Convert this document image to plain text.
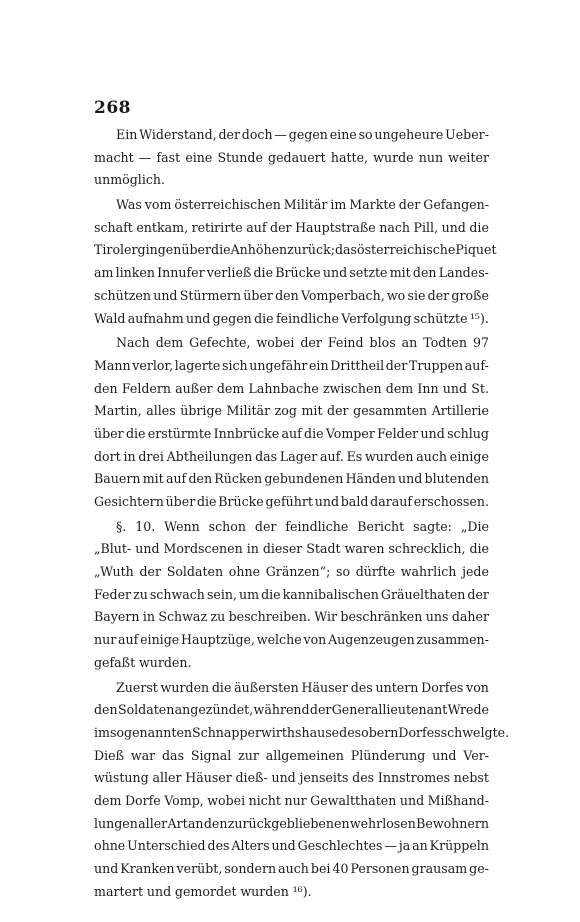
268
Ein Widerstand, der doch — gegen eine so ungeheure Ueber-
macht — fast eine Stunde gedauert hatte, wurde nun weiter
unmöglich.
Was vom österreichischen Militär im Markte der Gefangen-
schaft entkam, retirirte auf der Hauptstraße nach Pill, und die
Tiroler gingen über die Anhöhen zurück; das österreichische Piquet
am linken Innufer verließ die Brücke und setzte mit den Landes-
schützen und Stürmern über den Vomperbach, wo sie der große
Wald aufnahm und gegen die feindliche Verfolgung schützte ¹⁵).
Nach dem Gefechte, wobei der Feind blos an Todten 97
Mann verlor, lagerte sich ungefähr ein Drittheil der Truppen auf-
den Feldern außer dem Lahnbache zwischen dem Inn und St.
Martin, alles übrige Militär zog mit der gesammten Artillerie
über die erstürmte Innbrücke auf die Vomper Felder und schlug
dort in drei Abtheilungen das Lager auf. Es wurden auch einige
Bauern mit auf den Rücken gebundenen Händen und blutenden
Gesichtern über die Brücke geführt und bald darauf erschossen.
§. 10. Wenn schon der feindliche Bericht sagte: „Die
„Blut- und Mordscenen in dieser Stadt waren schrecklich, die
„Wuth der Soldaten ohne Gränzen“; so dürfte wahrlich jede
Feder zu schwach sein, um die kannibalischen Gräuelthaten der
Bayern in Schwaz zu beschreiben. Wir beschränken uns daher
nur auf einige Hauptzüge, welche von Augenzeugen zusammen-
gefaßt wurden.
Zuerst wurden die äußersten Häuser des untern Dorfes von
den Soldaten angezündet, während der Generallieutenant Wrede
im sogenannten Schnapperwirthshause des obern Dorfes schwelgte.
Dieß war das Signal zur allgemeinen Plünderung und Ver-
wüstung aller Häuser dieß- und jenseits des Innstromes nebst
dem Dorfe Vomp, wobei nicht nur Gewaltthaten und Mißhand-
lungen aller Art an den zurückgebliebenen wehrlosen Bewohnern
ohne Unterschied des Alters und Geschlechtes — ja an Krüppeln
und Kranken verübt, sondern auch bei 40 Personen grausam ge-
martert und gemordet wurden ¹⁶).
